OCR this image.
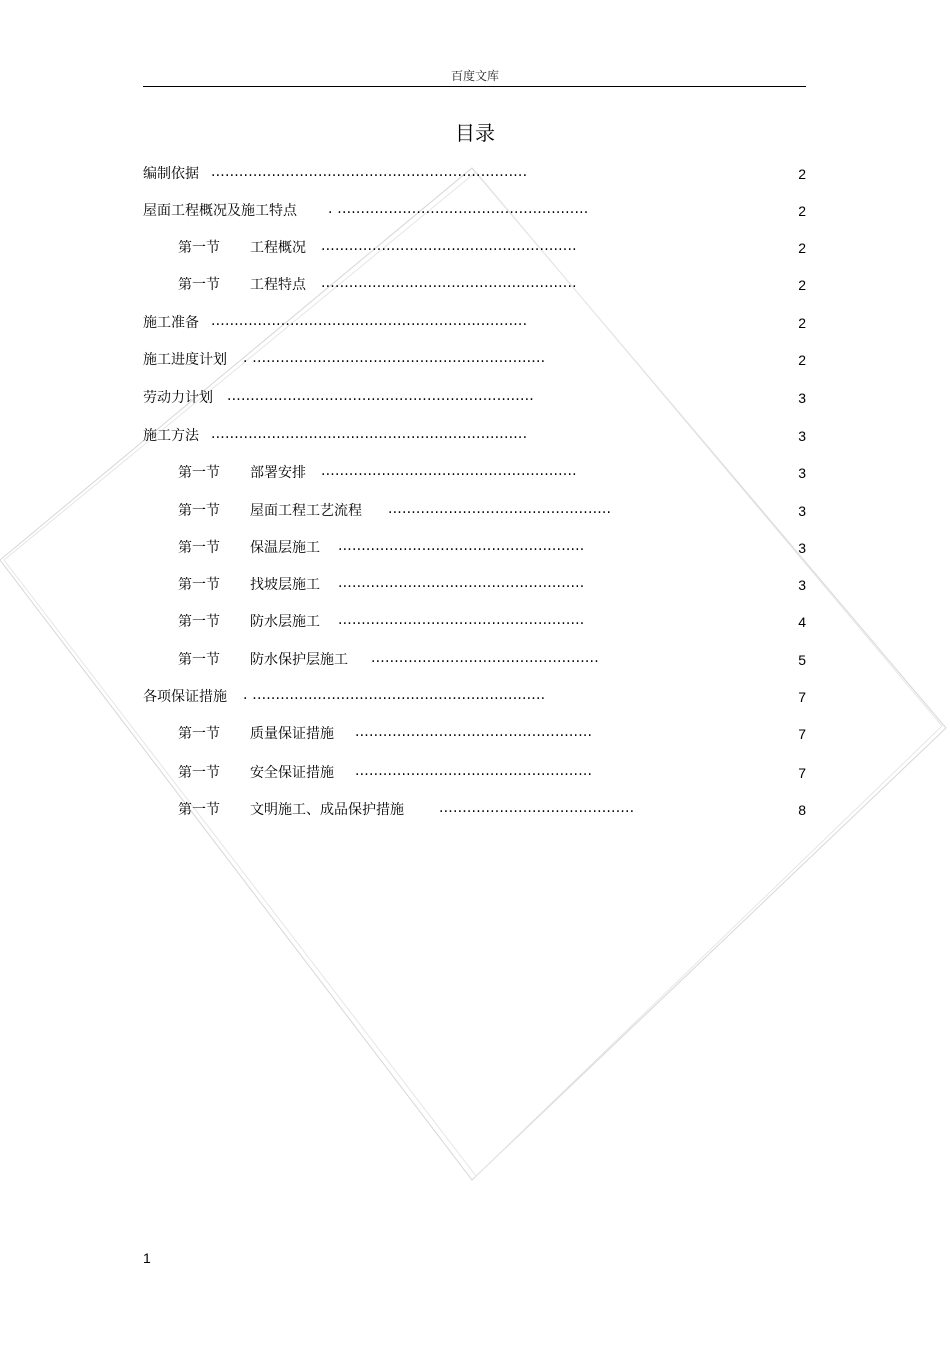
百度文库
目录
编制依据 ....................................................................	2
屋面工程概况及施工特点 . ......................................................	2
第一节 工程概况 .......................................................	2
第一节 工程特点 .......................................................	2
施工准备 ....................................................................	2
施工进度计划 . ...............................................................	2
劳动力计划 ..................................................................	3
施工方法 ....................................................................	3
第一节 部署安排 .......................................................	3
第一节 屋面工程工艺流程 ................................................	3
第一节 保温层施工 .....................................................	3
第一节 找坡层施工 .....................................................	3
第一节 防水层施工 .....................................................	4
第一节 防水保护层施工 .................................................	5
各项保证措施 . ...............................................................	7
第一节 质量保证措施 ...................................................	7
第一节 安全保证措施 ...................................................	7
第一节 文明施工、成品保护措施	..........................................	8
1
